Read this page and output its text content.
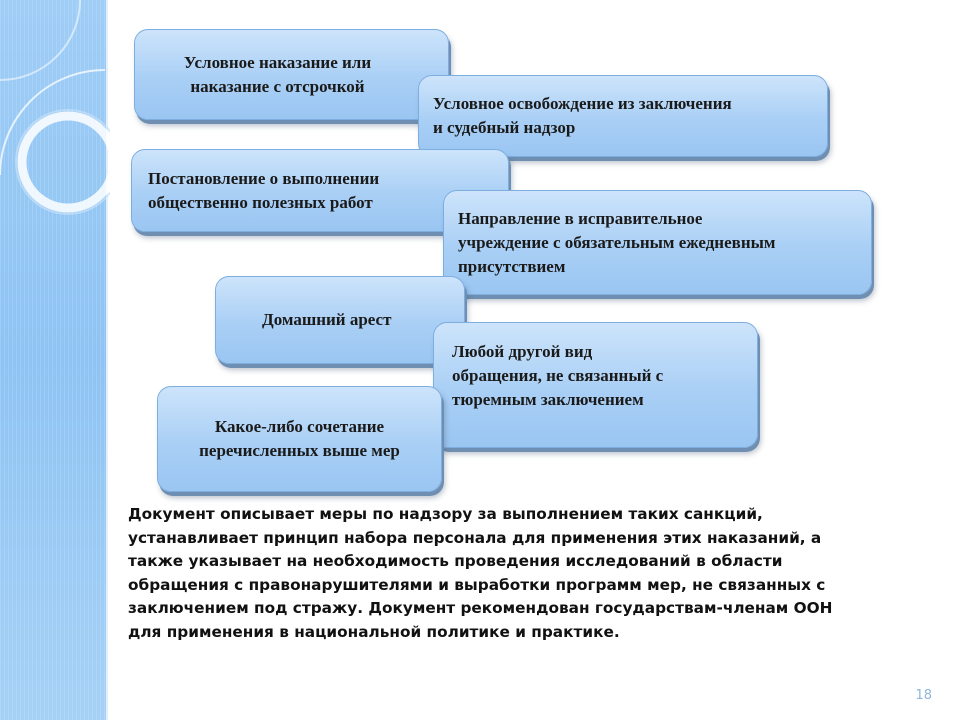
Условное наказание или
наказание с отсрочкой
Условное освобождение из заключения
и судебный надзор
Постановление о выполнении
общественно полезных работ
Направление в исправительное
учреждение с обязательным ежедневным
присутствием
Домашний арест
Любой другой вид
обращения, не связанный с
тюремным заключением
Какое-либо сочетание
перечисленных выше мер
Документ описывает меры по надзору за выполнением таких санкций,
устанавливает принцип набора персонала для применения этих наказаний, а
также указывает на необходимость проведения исследований в области
обращения с правонарушителями и выработки программ мер, не связанных с
заключением под стражу. Документ рекомендован государствам-членам ООН
для применения в национальной политике и практике.
18
